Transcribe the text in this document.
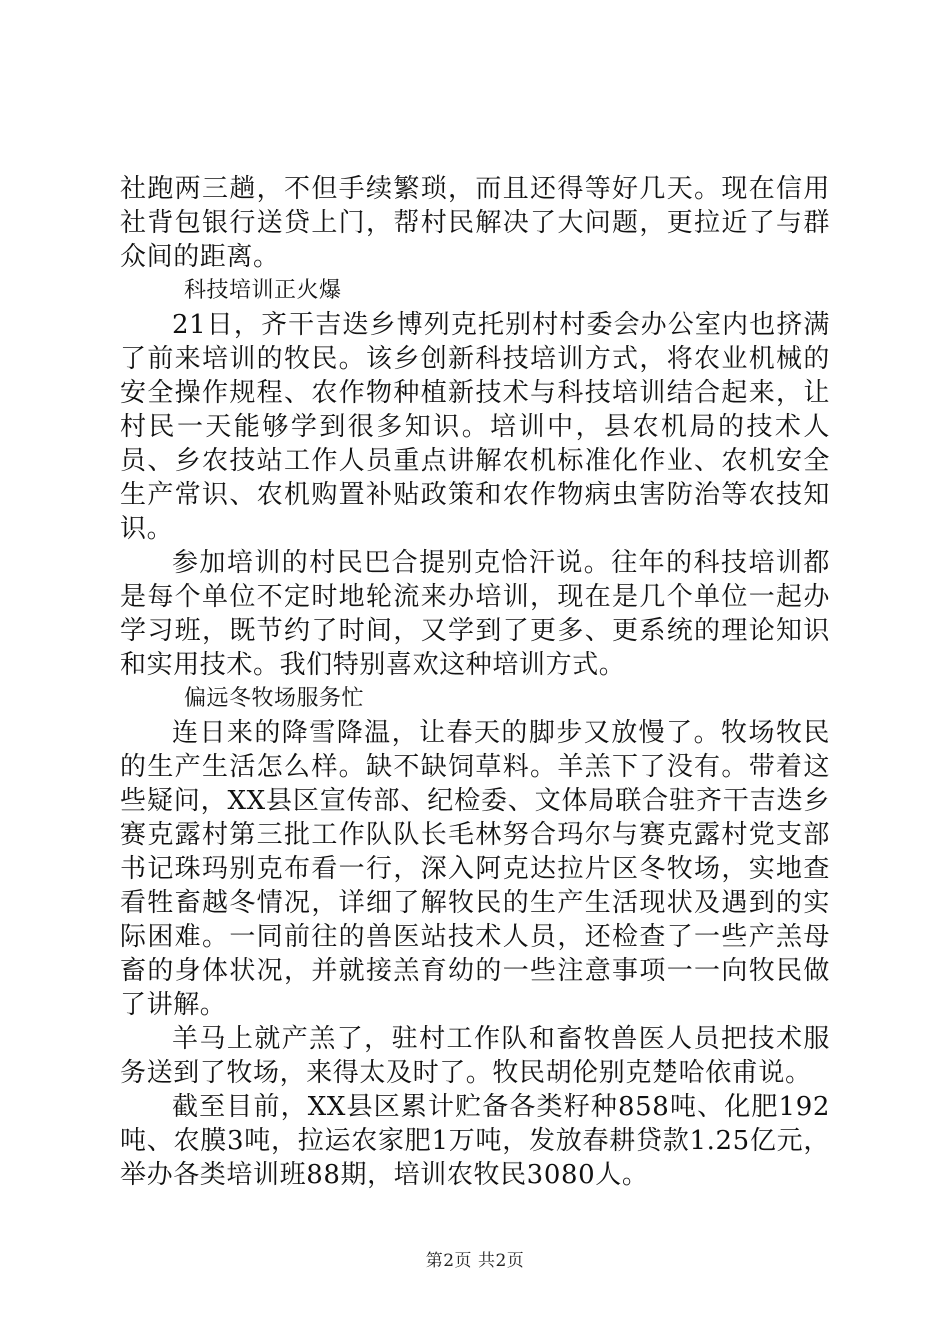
社跑两三趟，不但手续繁琐，而且还得等好几天。现在信用社背包银行送贷上门，帮村民解决了大问题，更拉近了与群众间的距离。

科技培训正火爆

21日，齐干吉迭乡博列克托别村村委会办公室内也挤满了前来培训的牧民。该乡创新科技培训方式，将农业机械的安全操作规程、农作物种植新技术与科技培训结合起来，让村民一天能够学到很多知识。培训中，县农机局的技术人员、乡农技站工作人员重点讲解农机标准化作业、农机安全生产常识、农机购置补贴政策和农作物病虫害防治等农技知识。

参加培训的村民巴合提别克恰汗说。往年的科技培训都是每个单位不定时地轮流来办培训，现在是几个单位一起办学习班，既节约了时间，又学到了更多、更系统的理论知识和实用技术。我们特别喜欢这种培训方式。

偏远冬牧场服务忙

连日来的降雪降温，让春天的脚步又放慢了。牧场牧民的生产生活怎么样。缺不缺饲草料。羊羔下了没有。带着这些疑问，XX县区宣传部、纪检委、文体局联合驻齐干吉迭乡赛克露村第三批工作队队长毛林努合玛尔与赛克露村党支部书记珠玛别克布看一行，深入阿克达拉片区冬牧场，实地查看牲畜越冬情况，详细了解牧民的生产生活现状及遇到的实际困难。一同前往的兽医站技术人员，还检查了一些产羔母畜的身体状况，并就接羔育幼的一些注意事项一一向牧民做了讲解。

羊马上就产羔了，驻村工作队和畜牧兽医人员把技术服务送到了牧场，来得太及时了。牧民胡伦别克楚哈依甫说。

截至目前，XX县区累计贮备各类籽种858吨、化肥192吨、农膜3吨，拉运农家肥1万吨，发放春耕贷款1.25亿元，举办各类培训班88期，培训农牧民3080人。

第2页 共2页
